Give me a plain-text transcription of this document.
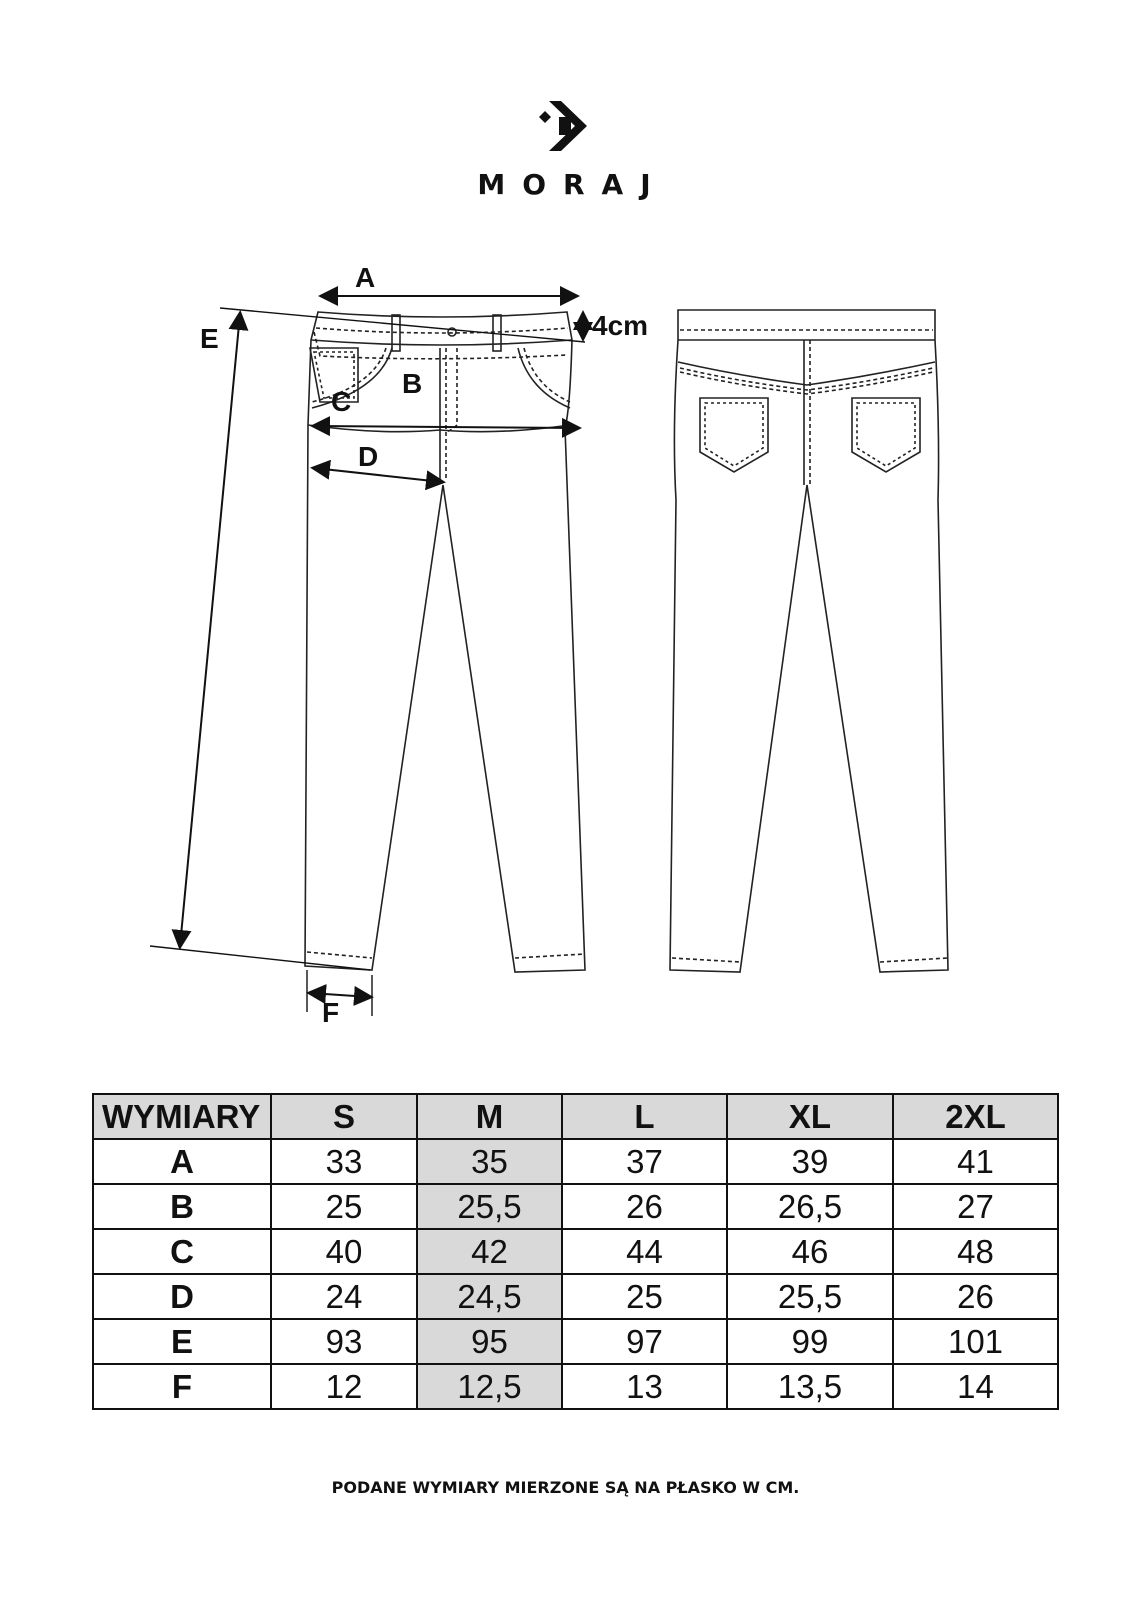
MORAJ
A
4cm
B
C
D
E
F
WYMIARY	S	M	L	XL	2XL
A	33	35	37	39	41
B	25	25,5	26	26,5	27
C	40	42	44	46	48
D	24	24,5	25	25,5	26
E	93	95	97	99	101
F	12	12,5	13	13,5	14
PODANE WYMIARY MIERZONE SĄ NA PŁASKO W CM.
